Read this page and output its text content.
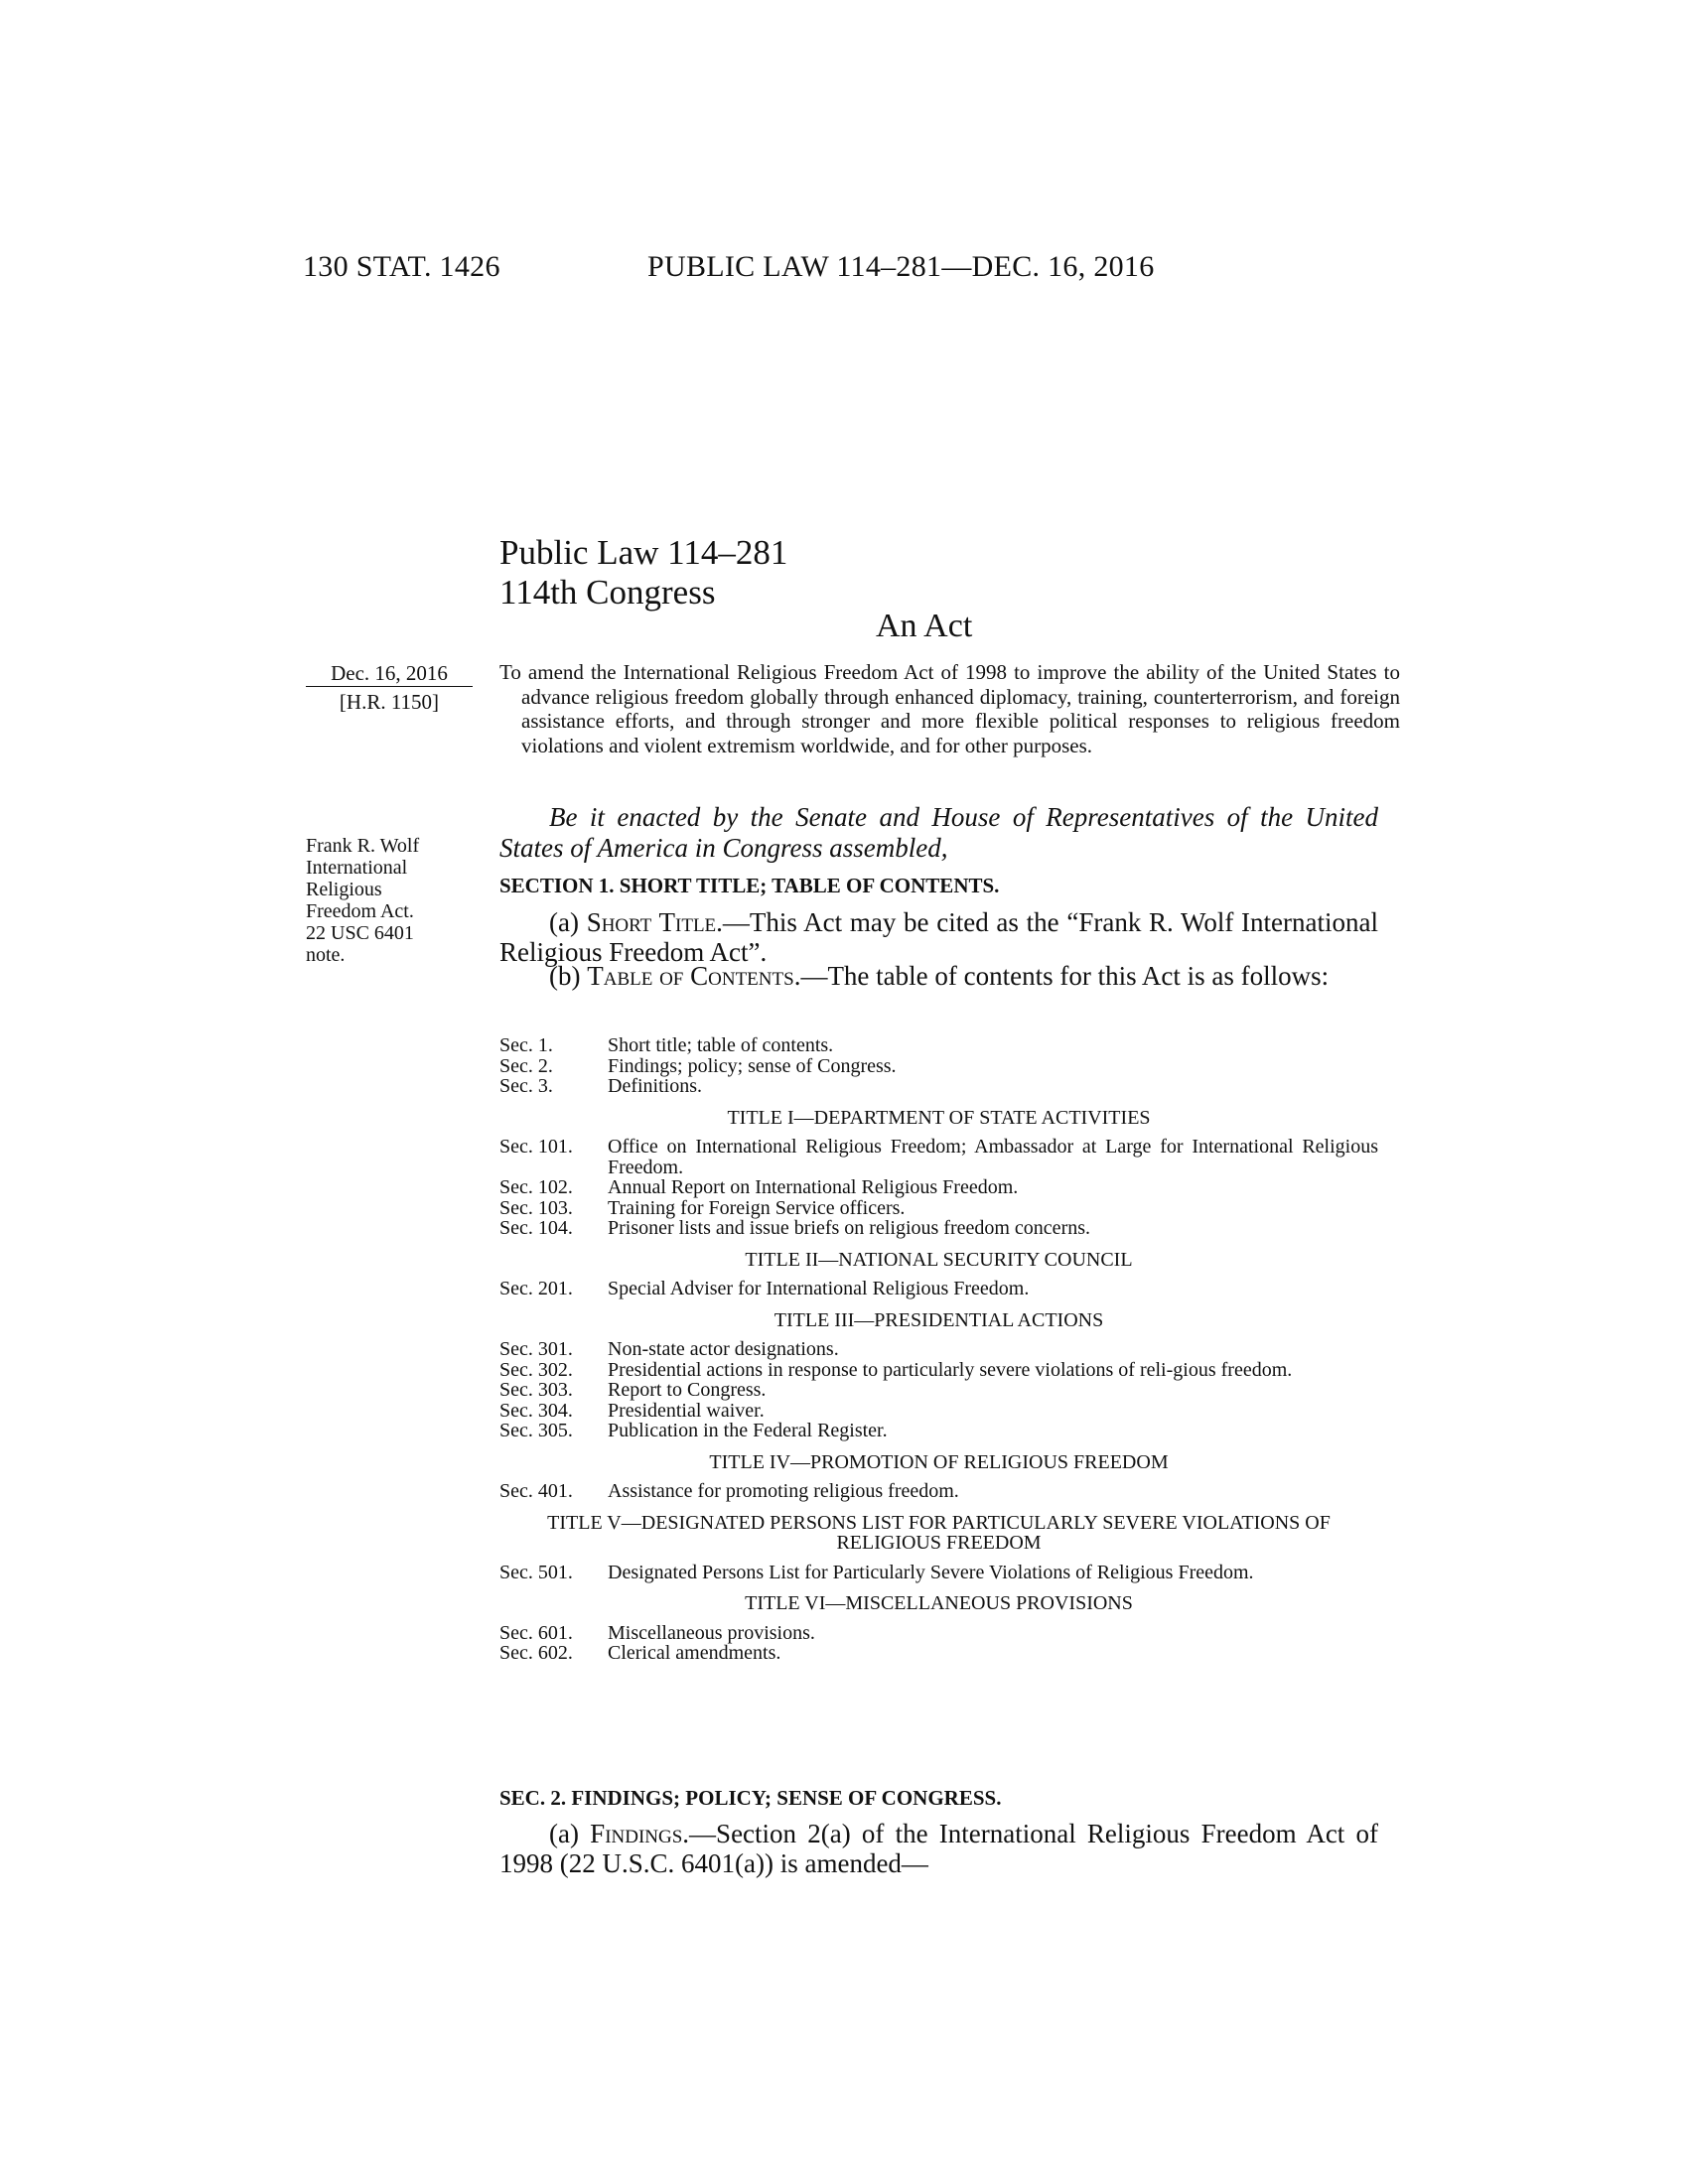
130 STAT. 1426	PUBLIC LAW 114–281—DEC. 16, 2016
Public Law 114–281
114th Congress
An Act
Dec. 16, 2016
[H.R. 1150]
To amend the International Religious Freedom Act of 1998 to improve the ability of the United States to advance religious freedom globally through enhanced diplomacy, training, counterterrorism, and foreign assistance efforts, and through stronger and more flexible political responses to religious freedom violations and violent extremism worldwide, and for other purposes.
Frank R. Wolf
International
Religious
Freedom Act.
22 USC 6401
note.
Be it enacted by the Senate and House of Representatives of the United States of America in Congress assembled,
SECTION 1. SHORT TITLE; TABLE OF CONTENTS.
(a) Short Title.—This Act may be cited as the “Frank R. Wolf International Religious Freedom Act”.
(b) Table of Contents.—The table of contents for this Act is as follows:
Sec. 1.	Short title; table of contents.
Sec. 2.	Findings; policy; sense of Congress.
Sec. 3.	Definitions.
TITLE I—DEPARTMENT OF STATE ACTIVITIES
Sec. 101.	Office on International Religious Freedom; Ambassador at Large for International Religious Freedom.
Sec. 102.	Annual Report on International Religious Freedom.
Sec. 103.	Training for Foreign Service officers.
Sec. 104.	Prisoner lists and issue briefs on religious freedom concerns.
TITLE II—NATIONAL SECURITY COUNCIL
Sec. 201.	Special Adviser for International Religious Freedom.
TITLE III—PRESIDENTIAL ACTIONS
Sec. 301.	Non-state actor designations.
Sec. 302.	Presidential actions in response to particularly severe violations of reli-gious freedom.
Sec. 303.	Report to Congress.
Sec. 304.	Presidential waiver.
Sec. 305.	Publication in the Federal Register.
TITLE IV—PROMOTION OF RELIGIOUS FREEDOM
Sec. 401.	Assistance for promoting religious freedom.
TITLE V—DESIGNATED PERSONS LIST FOR PARTICULARLY SEVERE VIOLATIONS OF RELIGIOUS FREEDOM
Sec. 501.	Designated Persons List for Particularly Severe Violations of Religious Freedom.
TITLE VI—MISCELLANEOUS PROVISIONS
Sec. 601.	Miscellaneous provisions.
Sec. 602.	Clerical amendments.
SEC. 2. FINDINGS; POLICY; SENSE OF CONGRESS.
(a) Findings.—Section 2(a) of the International Religious Freedom Act of 1998 (22 U.S.C. 6401(a)) is amended—
